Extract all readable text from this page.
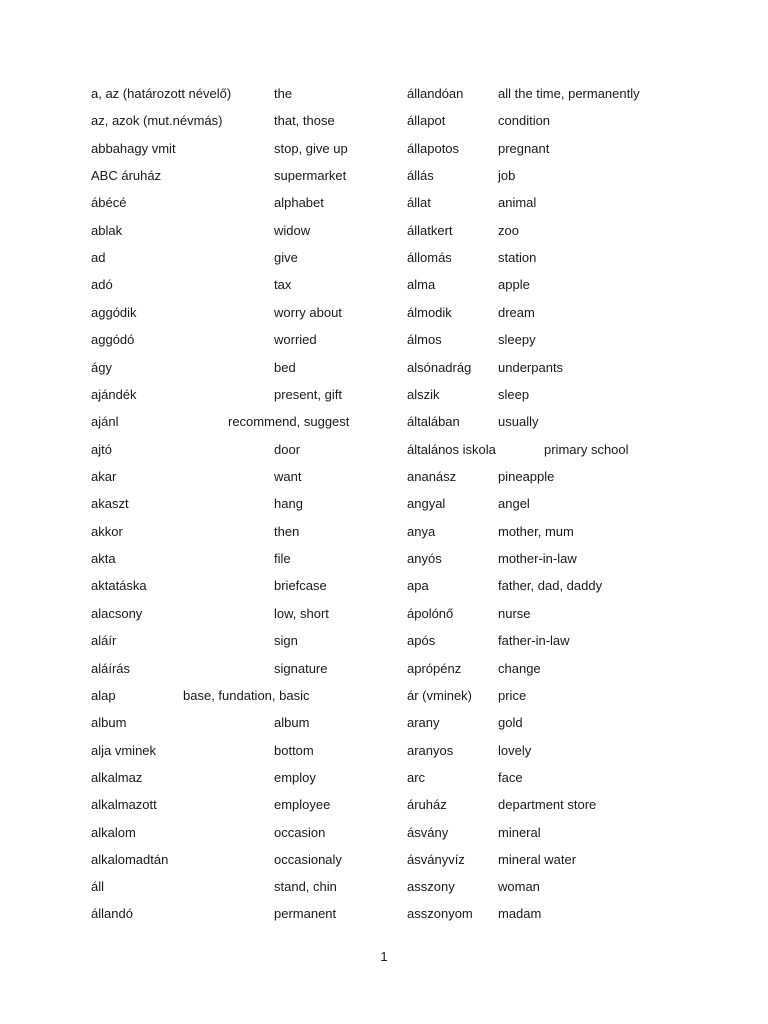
a, az (határozott névelő)	the	állandóan	all the time, permanently
az, azok (mut.névmás)	that, those	állapot	condition
abbahagy vmit	stop, give up	állapotos	pregnant
ABC áruház	supermarket	állás	job
ábécé	alphabet	állat	animal
ablak	widow	állatkert	zoo
ad	give	állomás	station
adó	tax	alma	apple
aggódik	worry about	álmodik	dream
aggódó	worried	álmos	sleepy
ágy	bed	alsónadrág underpants
ajándék	present, gift	alszik	sleep
ajánl	recommend, suggest	általában	usually
ajtó	door	általános iskola	primary school
akar	want	ananász	pineapple
akaszt	hang	angyal	angel
akkor	then	anya	mother, mum
akta	file	anyós	mother-in-law
aktatáska	briefcase	apa	father, dad, daddy
alacsony	low, short	ápolónő	nurse
aláír	sign	após	father-in-law
aláírás	signature	aprópénz	change
alap	base, fundation, basic	ár (vminek) price
album	album	arany	gold
alja vminek	bottom	aranyos	lovely
alkalmaz	employ	arc	face
alkalmazott	employee	áruház	department store
alkalom	occasion	ásvány	mineral
alkalomadtán	occasionaly	ásványvíz	mineral water
áll	stand, chin	asszony	woman
állandó	permanent	asszonyom madam
1
